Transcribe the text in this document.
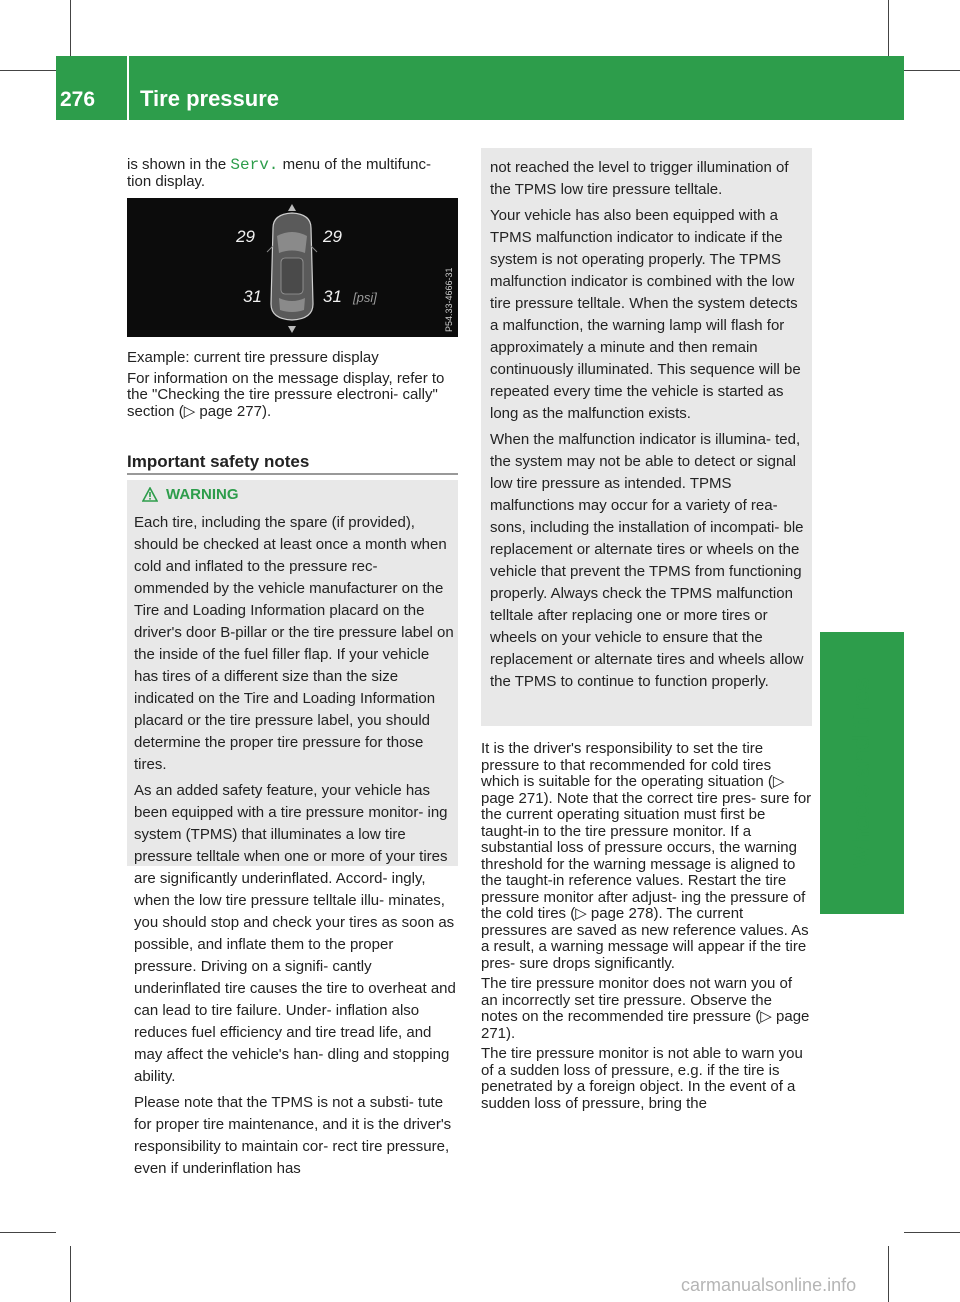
276 Tire pressure
Wheels and tires
is shown in the Serv. menu of the multifunc- tion display.
29	29
31	31 [psi]	P54.33-4666-31

Example: current tire pressure display

For information on the message display, refer to the "Checking the tire pressure electroni- cally" section (▷ page 277).

Important safety notes
WARNING

Each tire, including the spare (if provided), should be checked at least once a month when cold and inflated to the pressure rec- ommended by the vehicle manufacturer on the Tire and Loading Information placard on the driver's door B-pillar or the tire pressure label on the inside of the fuel filler flap. If your vehicle has tires of a different size than the size indicated on the Tire and Loading Information placard or the tire pressure label, you should determine the proper tire pressure for those tires.

As an added safety feature, your vehicle has been equipped with a tire pressure monitor- ing system (TPMS) that illuminates a low tire pressure telltale when one or more of your tires are significantly underinflated. Accord- ingly, when the low tire pressure telltale illu- minates, you should stop and check your tires as soon as possible, and inflate them to the proper pressure. Driving on a signifi- cantly underinflated tire causes the tire to overheat and can lead to tire failure. Under- inflation also reduces fuel efficiency and tire tread life, and may affect the vehicle's han- dling and stopping ability.

Please note that the TPMS is not a substi- tute for proper tire maintenance, and it is the driver's responsibility to maintain cor- rect tire pressure, even if underinflation has

not reached the level to trigger illumination of the TPMS low tire pressure telltale.

Your vehicle has also been equipped with a TPMS malfunction indicator to indicate if the system is not operating properly. The TPMS malfunction indicator is combined with the low tire pressure telltale. When the system detects a malfunction, the warning lamp will flash for approximately a minute and then remain continuously illuminated. This sequence will be repeated every time the vehicle is started as long as the malfunction exists.

When the malfunction indicator is illumina- ted, the system may not be able to detect or signal low tire pressure as intended. TPMS malfunctions may occur for a variety of rea- sons, including the installation of incompati- ble replacement or alternate tires or wheels on the vehicle that prevent the TPMS from functioning properly. Always check the TPMS malfunction telltale after replacing one or more tires or wheels on your vehicle to ensure that the replacement or alternate tires and wheels allow the TPMS to continue to function properly.

It is the driver's responsibility to set the tire pressure to that recommended for cold tires which is suitable for the operating situation (▷ page 271). Note that the correct tire pres- sure for the current operating situation must first be taught-in to the tire pressure monitor. If a substantial loss of pressure occurs, the warning threshold for the warning message is aligned to the taught-in reference values. Restart the tire pressure monitor after adjust- ing the pressure of the cold tires (▷ page 278). The current pressures are saved as new reference values. As a result, a warning message will appear if the tire pres- sure drops significantly.

The tire pressure monitor does not warn you of an incorrectly set tire pressure. Observe the notes on the recommended tire pressure (▷ page 271).

The tire pressure monitor is not able to warn you of a sudden loss of pressure, e.g. if the tire is penetrated by a foreign object. In the event of a sudden loss of pressure, bring the

carmanualsonline.info
